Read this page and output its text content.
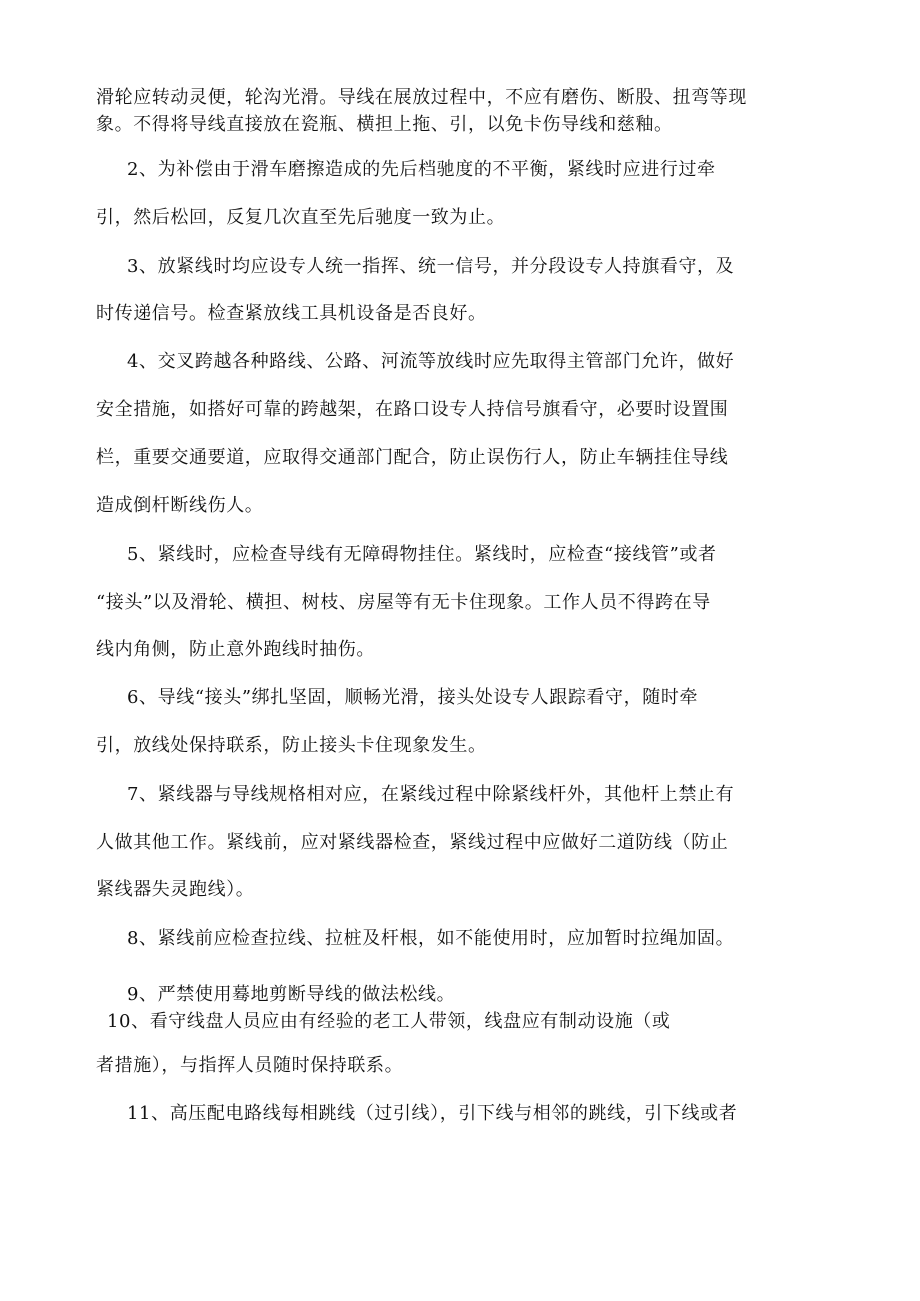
滑轮应转动灵便，轮沟光滑。导线在展放过程中，不应有磨伤、断股、扭弯等现
象。不得将导线直接放在瓷瓶、横担上拖、引，以免卡伤导线和慈釉。
2、为补偿由于滑车磨擦造成的先后档驰度的不平衡，紧线时应进行过牵
引，然后松回，反复几次直至先后驰度一致为止。
3、放紧线时均应设专人统一指挥、统一信号，并分段设专人持旗看守，及
时传递信号。检查紧放线工具机设备是否良好。
4、交叉跨越各种路线、公路、河流等放线时应先取得主管部门允许，做好
安全措施，如搭好可靠的跨越架，在路口设专人持信号旗看守，必要时设置围
栏，重要交通要道，应取得交通部门配合，防止误伤行人，防止车辆挂住导线
造成倒杆断线伤人。
5、紧线时，应检查导线有无障碍物挂住。紧线时，应检查“接线管”或者
“接头”以及滑轮、横担、树枝、房屋等有无卡住现象。工作人员不得跨在导
线内角侧，防止意外跑线时抽伤。
6、导线“接头”绑扎坚固，顺畅光滑，接头处设专人跟踪看守，随时牵
引，放线处保持联系，防止接头卡住现象发生。
7、紧线器与导线规格相对应，在紧线过程中除紧线杆外，其他杆上禁止有
人做其他工作。紧线前，应对紧线器检查，紧线过程中应做好二道防线（防止
紧线器失灵跑线）。
8、紧线前应检查拉线、拉桩及杆根，如不能使用时，应加暂时拉绳加固。
9、严禁使用蓦地剪断导线的做法松线。
10、看守线盘人员应由有经验的老工人带领，线盘应有制动设施（或
者措施），与指挥人员随时保持联系。
11、高压配电路线每相跳线（过引线），引下线与相邻的跳线，引下线或者
